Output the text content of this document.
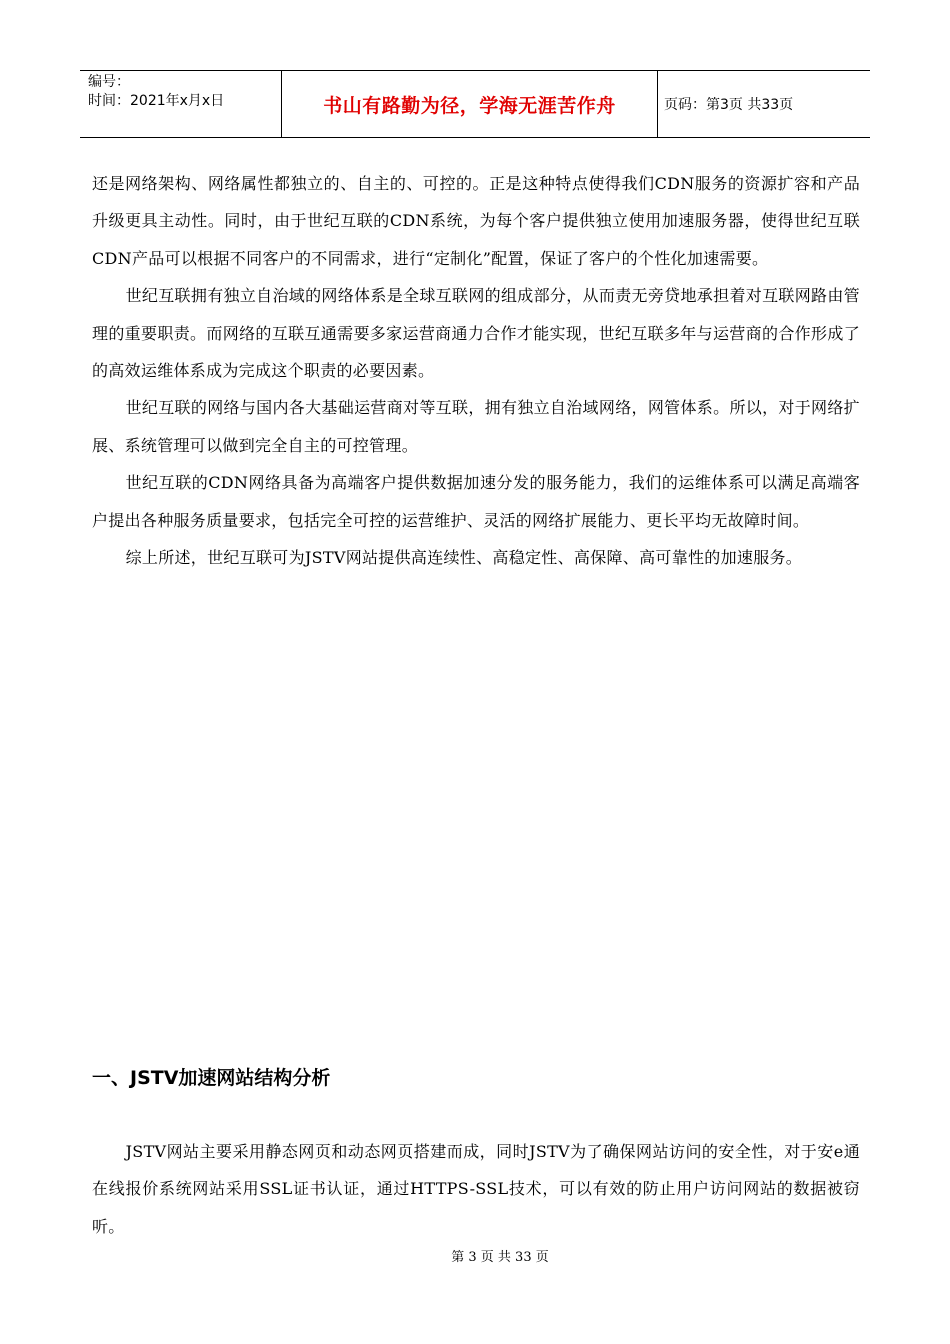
编号：
时间：2021年x月x日	书山有路勤为径，学海无涯苦作舟	页码：第3页 共33页

还是网络架构、网络属性都独立的、自主的、可控的。正是这种特点使得我们CDN服务的资源扩容和产品升级更具主动性。同时，由于世纪互联的CDN系统，为每个客户提供独立使用加速服务器，使得世纪互联CDN产品可以根据不同客户的不同需求，进行“定制化”配置，保证了客户的个性化加速需要。

世纪互联拥有独立自治域的网络体系是全球互联网的组成部分，从而责无旁贷地承担着对互联网路由管理的重要职责。而网络的互联互通需要多家运营商通力合作才能实现，世纪互联多年与运营商的合作形成了的高效运维体系成为完成这个职责的必要因素。

世纪互联的网络与国内各大基础运营商对等互联，拥有独立自治域网络，网管体系。所以，对于网络扩展、系统管理可以做到完全自主的可控管理。

世纪互联的CDN网络具备为高端客户提供数据加速分发的服务能力，我们的运维体系可以满足高端客户提出各种服务质量要求，包括完全可控的运营维护、灵活的网络扩展能力、更长平均无故障时间。

综上所述，世纪互联可为JSTV网站提供高连续性、高稳定性、高保障、高可靠性的加速服务。

一、JSTV加速网站结构分析

JSTV网站主要采用静态网页和动态网页搭建而成，同时JSTV为了确保网站访问的安全性，对于安e通在线报价系统网站采用SSL证书认证，通过HTTPS-SSL技术，可以有效的防止用户访问网站的数据被窃听。

第 3 页 共 33 页
